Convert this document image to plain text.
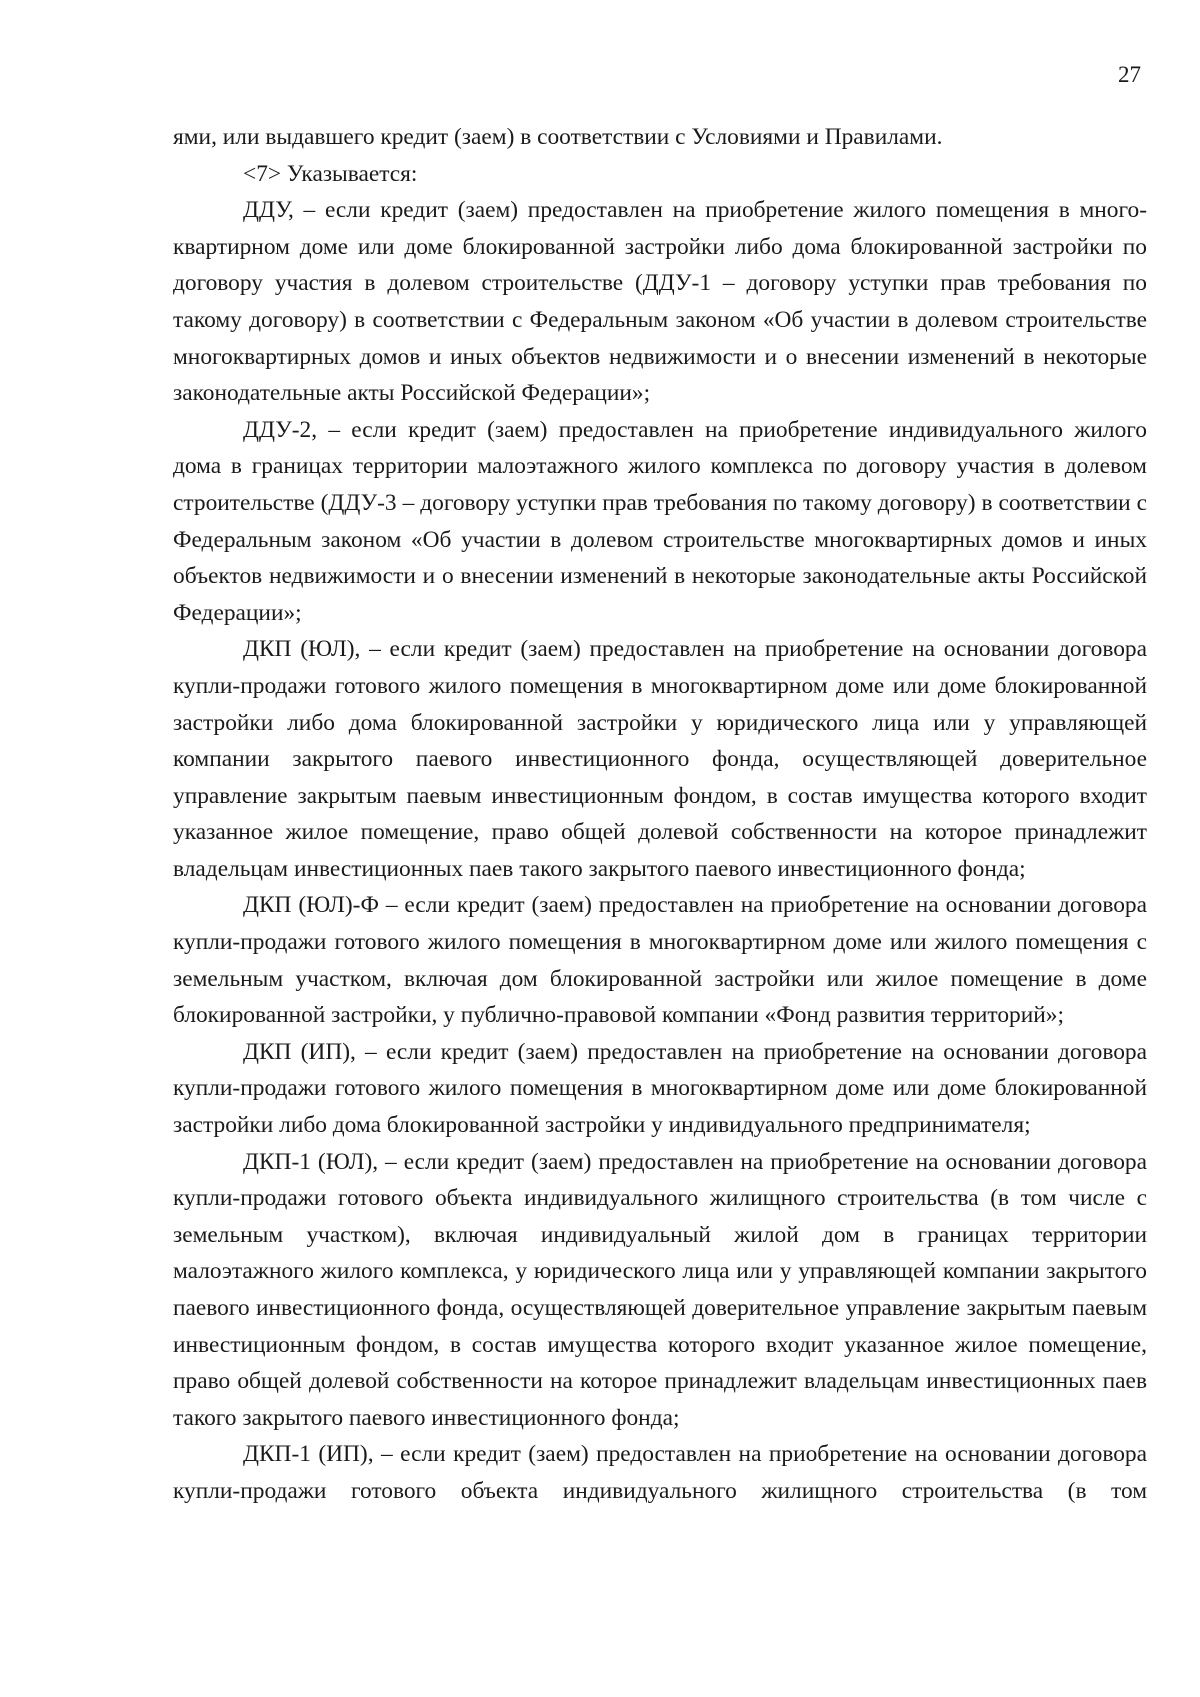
27

ями, или выдавшего кредит (заем) в соответствии с Условиями и Правилами.

<7> Указывается:

ДДУ, – если кредит (заем) предоставлен на приобретение жилого помещения в многоквартирном доме или доме блокированной застройки либо дома блокированной застройки по договору участия в долевом строительстве (ДДУ-1 – договору уступки прав требования по такому договору) в соответствии с Федеральным законом «Об участии в долевом строительстве многоквартирных домов и иных объектов недвижимости и о внесении изменений в некоторые законодательные акты Российской Федерации»;

ДДУ-2, – если кредит (заем) предоставлен на приобретение индивидуального жилого дома в границах территории малоэтажного жилого комплекса по договору участия в долевом строительстве (ДДУ-3 – договору уступки прав требования по такому договору) в соответствии с Федеральным законом «Об участии в долевом строительстве многоквартирных домов и иных объектов недвижимости и о внесении изменений в некоторые законодательные акты Российской Федерации»;

ДКП (ЮЛ), – если кредит (заем) предоставлен на приобретение на основании договора купли-продажи готового жилого помещения в многоквартирном доме или доме блокированной застройки либо дома блокированной застройки у юридического лица или у управляющей компании закрытого паевого инвестиционного фонда, осуществляющей доверительное управление закрытым паевым инвестиционным фондом, в состав имущества которого входит указанное жилое помещение, право общей долевой собственности на которое принадлежит владельцам инвестиционных паев такого закрытого паевого инвестиционного фонда;

ДКП (ЮЛ)-Ф – если кредит (заем) предоставлен на приобретение на основании договора купли-продажи готового жилого помещения в многоквартирном доме или жилого помещения с земельным участком, включая дом блокированной застройки или жилое помещение в доме блокированной застройки, у публично-правовой компании «Фонд развития территорий»;

ДКП (ИП), – если кредит (заем) предоставлен на приобретение на основании договора купли-продажи готового жилого помещения в многоквартирном доме или доме блокированной застройки либо дома блокированной застройки у индивидуального предпринимателя;

ДКП-1 (ЮЛ), – если кредит (заем) предоставлен на приобретение на основании договора купли-продажи готового объекта индивидуального жилищного строительства (в том числе с земельным участком), включая индивидуальный жилой дом в границах территории малоэтажного жилого комплекса, у юридического лица или у управляющей компании закрытого паевого инвестиционного фонда, осуществляющей доверительное управление закрытым паевым инвестиционным фондом, в состав имущества которого входит указанное жилое помещение, право общей долевой собственности на которое принадлежит владельцам инвестиционных паев такого закрытого паевого инвестиционного фонда;

ДКП-1 (ИП), – если кредит (заем) предоставлен на приобретение на основании договора купли-продажи готового объекта индивидуального жилищного строительства (в том
